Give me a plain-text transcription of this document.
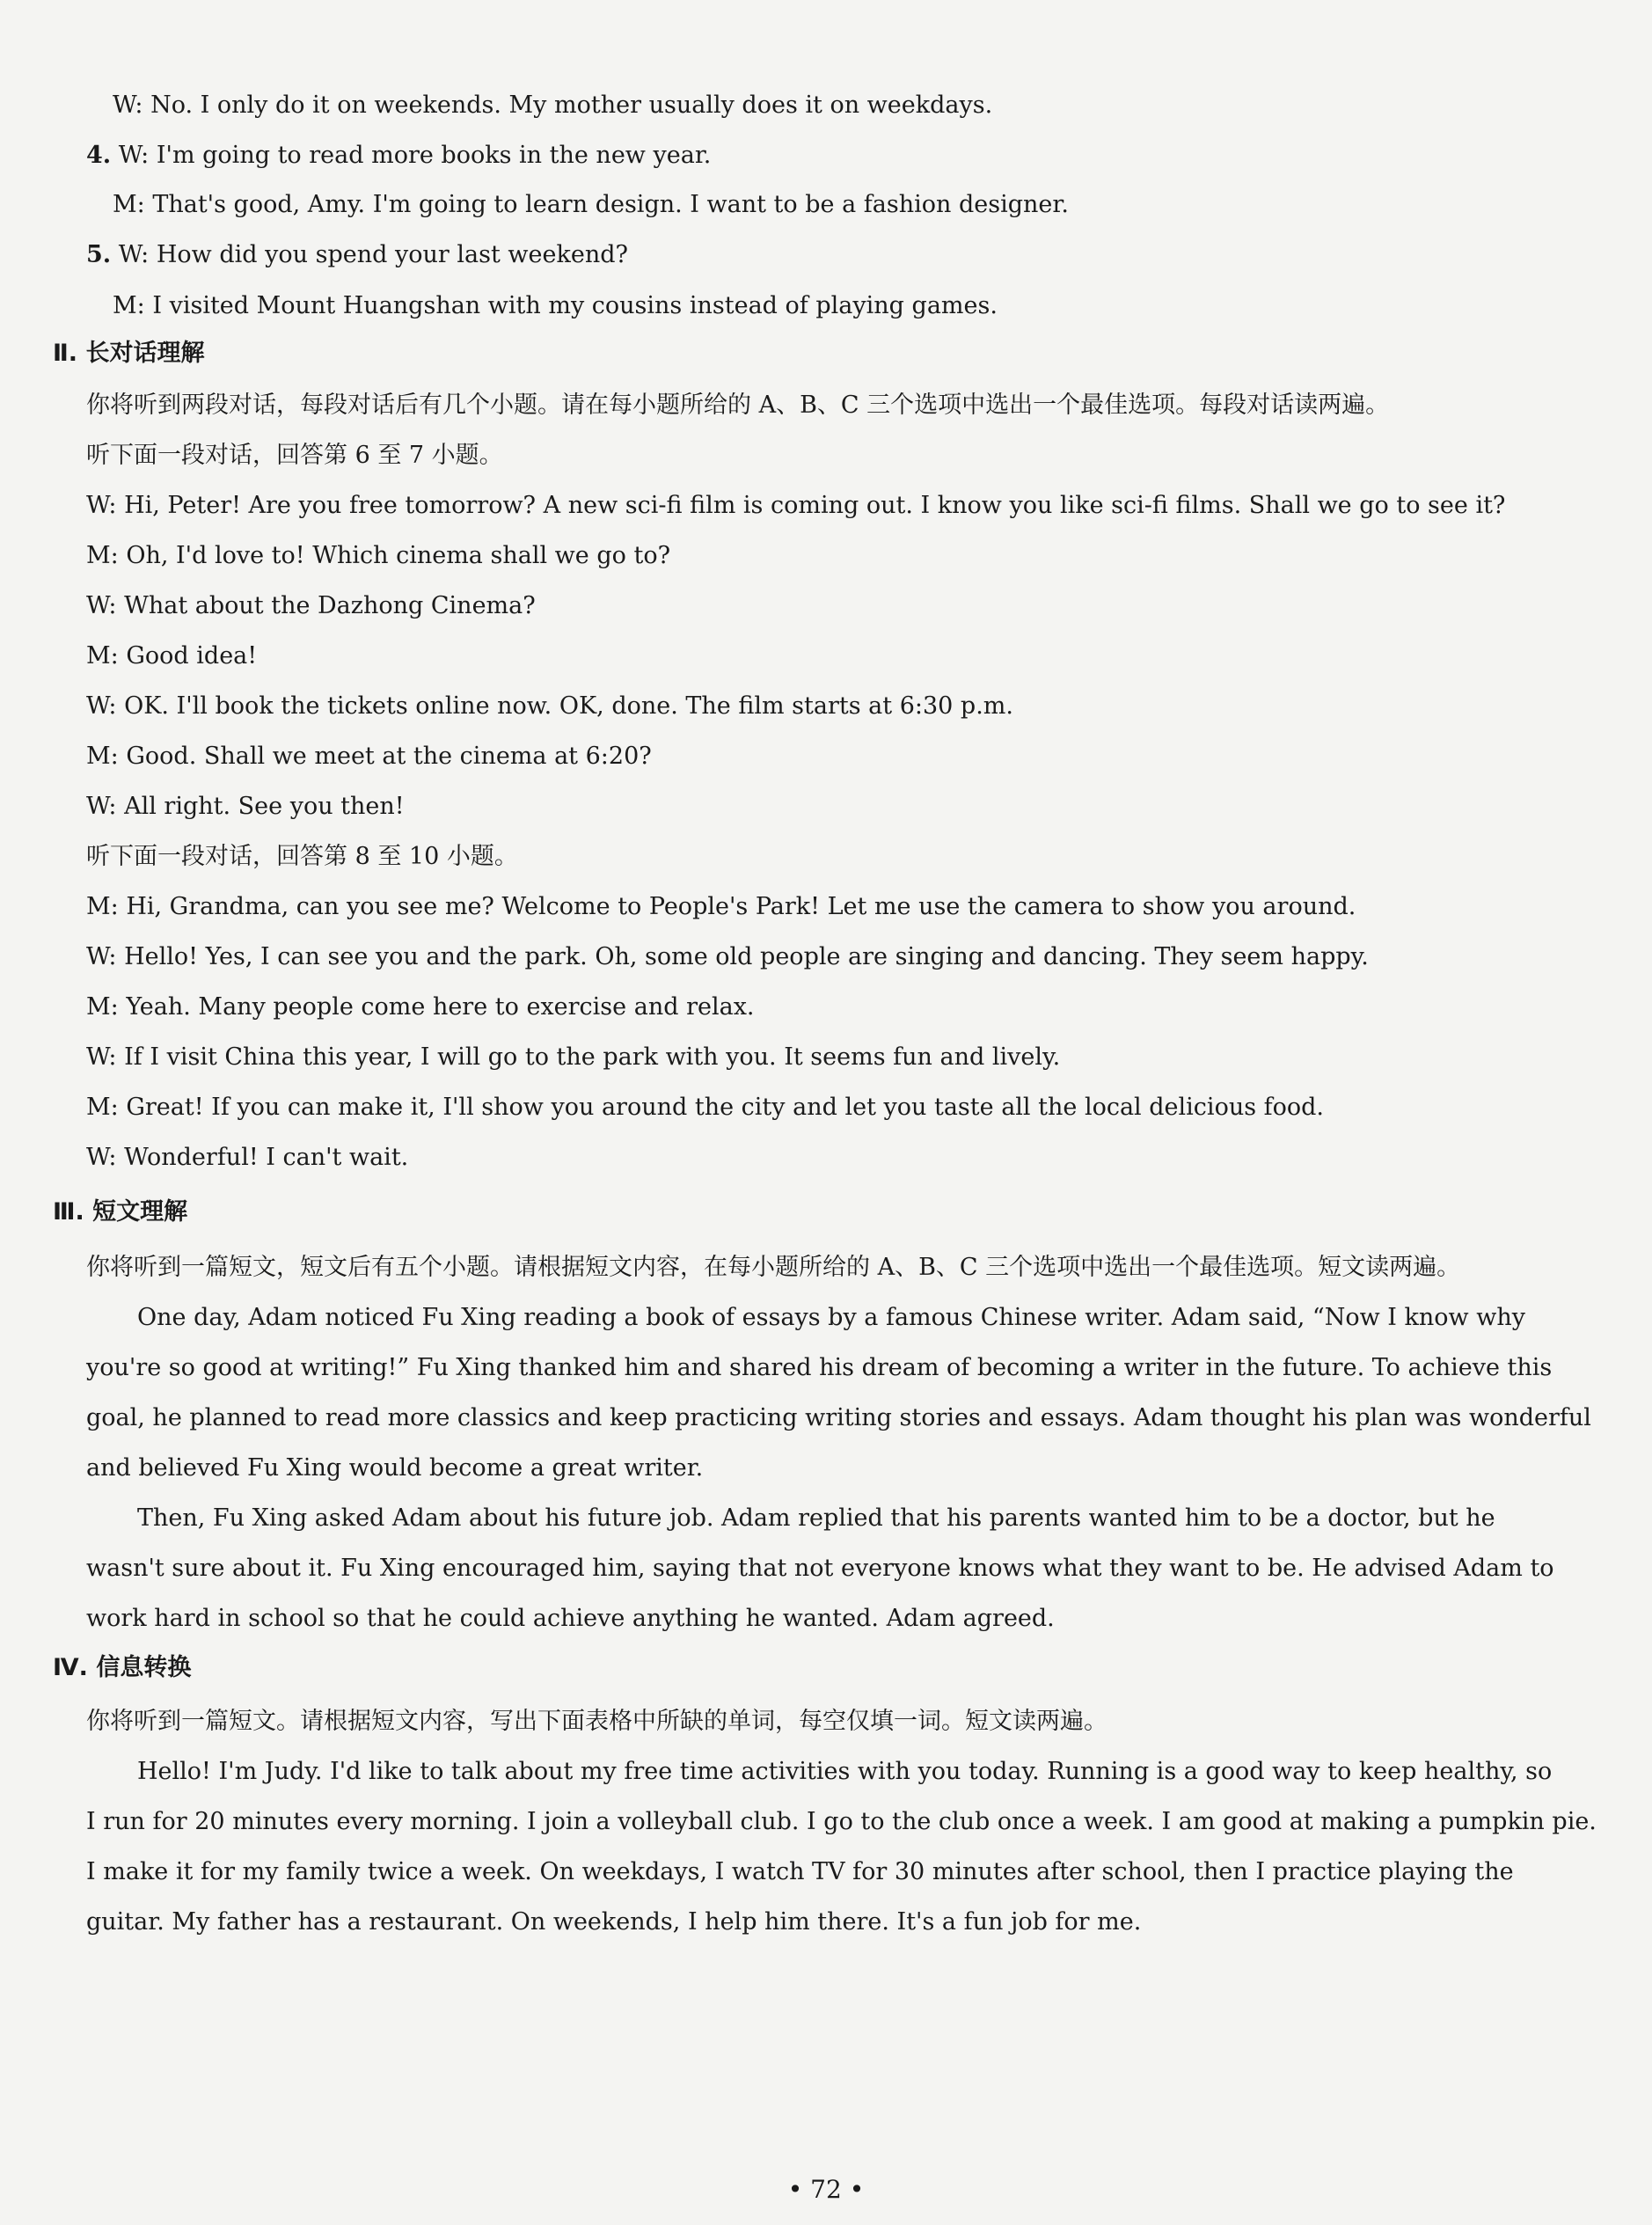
W: No. I only do it on weekends. My mother usually does it on weekdays.
4. W: I'm going to read more books in the new year.
M: That's good, Amy. I'm going to learn design. I want to be a fashion designer.
5. W: How did you spend your last weekend?
M: I visited Mount Huangshan with my cousins instead of playing games.
Ⅱ. 长对话理解
你将听到两段对话，每段对话后有几个小题。请在每小题所给的 A、B、C 三个选项中选出一个最佳选项。每段对话读两遍。
听下面一段对话，回答第 6 至 7 小题。
W: Hi, Peter! Are you free tomorrow? A new sci-fi film is coming out. I know you like sci-fi films. Shall we go to see it?
M: Oh, I'd love to! Which cinema shall we go to?
W: What about the Dazhong Cinema?
M: Good idea!
W: OK. I'll book the tickets online now. OK, done. The film starts at 6:30 p.m.
M: Good. Shall we meet at the cinema at 6:20?
W: All right. See you then!
听下面一段对话，回答第 8 至 10 小题。
M: Hi, Grandma, can you see me? Welcome to People's Park! Let me use the camera to show you around.
W: Hello! Yes, I can see you and the park. Oh, some old people are singing and dancing. They seem happy.
M: Yeah. Many people come here to exercise and relax.
W: If I visit China this year, I will go to the park with you. It seems fun and lively.
M: Great! If you can make it, I'll show you around the city and let you taste all the local delicious food.
W: Wonderful! I can't wait.
Ⅲ. 短文理解
你将听到一篇短文，短文后有五个小题。请根据短文内容，在每小题所给的 A、B、C 三个选项中选出一个最佳选项。短文读两遍。
One day, Adam noticed Fu Xing reading a book of essays by a famous Chinese writer. Adam said, “Now I know why
you're so good at writing!” Fu Xing thanked him and shared his dream of becoming a writer in the future. To achieve this
goal, he planned to read more classics and keep practicing writing stories and essays. Adam thought his plan was wonderful
and believed Fu Xing would become a great writer.
Then, Fu Xing asked Adam about his future job. Adam replied that his parents wanted him to be a doctor, but he
wasn't sure about it. Fu Xing encouraged him, saying that not everyone knows what they want to be. He advised Adam to
work hard in school so that he could achieve anything he wanted. Adam agreed.
Ⅳ. 信息转换
你将听到一篇短文。请根据短文内容，写出下面表格中所缺的单词，每空仅填一词。短文读两遍。
Hello! I'm Judy. I'd like to talk about my free time activities with you today. Running is a good way to keep healthy, so
I run for 20 minutes every morning. I join a volleyball club. I go to the club once a week. I am good at making a pumpkin pie.
I make it for my family twice a week. On weekdays, I watch TV for 30 minutes after school, then I practice playing the
guitar. My father has a restaurant. On weekends, I help him there. It's a fun job for me.
• 72 •
